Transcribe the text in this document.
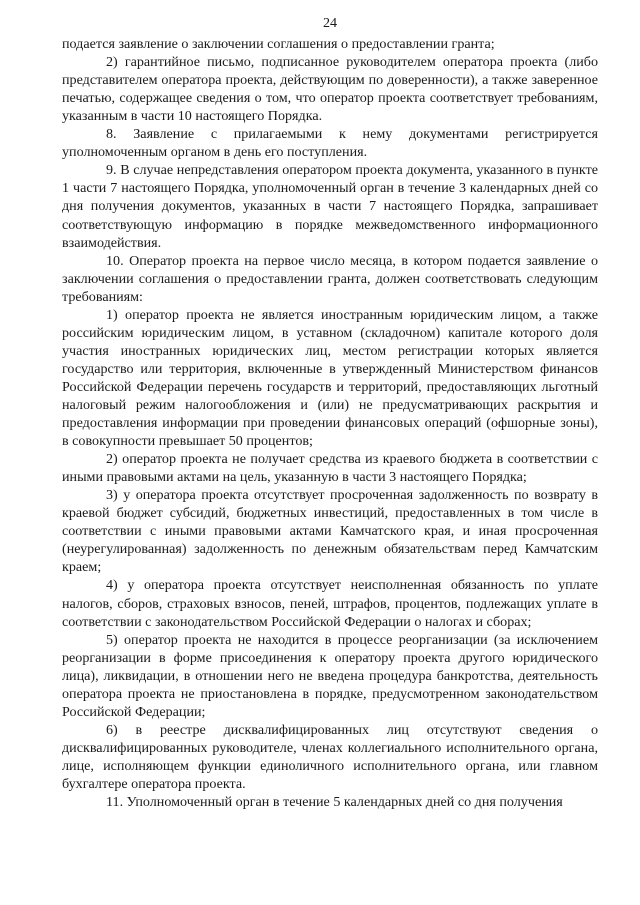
24

подается заявление о заключении соглашения о предоставлении гранта;

2) гарантийное письмо, подписанное руководителем оператора проекта (либо представителем оператора проекта, действующим по доверенности), а также заверенное печатью, содержащее сведения о том, что оператор проекта соответствует требованиям, указанным в части 10 настоящего Порядка.

8. Заявление с прилагаемыми к нему документами регистрируется уполномоченным органом в день его поступления.

9. В случае непредставления оператором проекта документа, указанного в пункте 1 части 7 настоящего Порядка, уполномоченный орган в течение 3 календарных дней со дня получения документов, указанных в части 7 настоящего Порядка, запрашивает соответствующую информацию в порядке межведомственного информационного взаимодействия.

10. Оператор проекта на первое число месяца, в котором подается заявление о заключении соглашения о предоставлении гранта, должен соответствовать следующим требованиям:

1) оператор проекта не является иностранным юридическим лицом, а также российским юридическим лицом, в уставном (складочном) капитале которого доля участия иностранных юридических лиц, местом регистрации которых является государство или территория, включенные в утвержденный Министерством финансов Российской Федерации перечень государств и территорий, предоставляющих льготный налоговый режим налогообложения и (или) не предусматривающих раскрытия и предоставления информации при проведении финансовых операций (офшорные зоны), в совокупности превышает 50 процентов;

2) оператор проекта не получает средства из краевого бюджета в соответствии с иными правовыми актами на цель, указанную в части 3 настоящего Порядка;

3) у оператора проекта отсутствует просроченная задолженность по возврату в краевой бюджет субсидий, бюджетных инвестиций, предоставленных в том числе в соответствии с иными правовыми актами Камчатского края, и иная просроченная (неурегулированная) задолженность по денежным обязательствам перед Камчатским краем;

4) у оператора проекта отсутствует неисполненная обязанность по уплате налогов, сборов, страховых взносов, пеней, штрафов, процентов, подлежащих уплате в соответствии с законодательством Российской Федерации о налогах и сборах;

5) оператор проекта не находится в процессе реорганизации (за исключением реорганизации в форме присоединения к оператору проекта другого юридического лица), ликвидации, в отношении него не введена процедура банкротства, деятельность оператора проекта не приостановлена в порядке, предусмотренном законодательством Российской Федерации;

6) в реестре дисквалифицированных лиц отсутствуют сведения о дисквалифицированных руководителе, членах коллегиального исполнительного органа, лице, исполняющем функции единоличного исполнительного органа, или главном бухгалтере оператора проекта.

11. Уполномоченный орган в течение 5 календарных дней со дня получения
